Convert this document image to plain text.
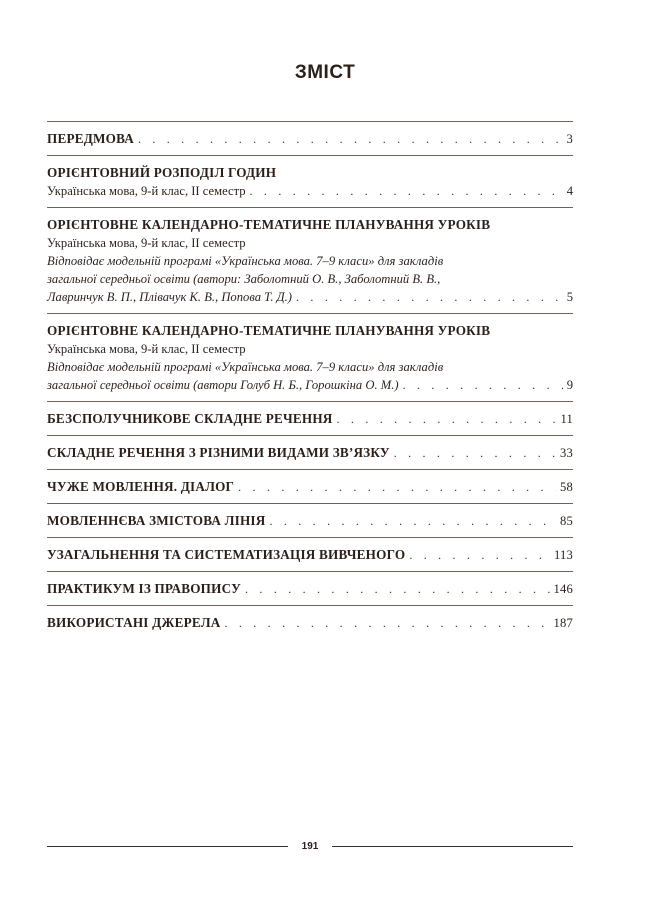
ЗМІСТ
ПЕРЕДМОВА . . .	3
ОРІЄНТОВНИЙ РОЗПОДІЛ ГОДИН
Українська мова, 9-й клас, ІІ семестр . . .	4
ОРІЄНТОВНЕ КАЛЕНДАРНО-ТЕМАТИЧНЕ ПЛАНУВАННЯ УРОКІВ
Українська мова, 9-й клас, ІІ семестр
Відповідає модельній програмі «Українська мова. 7–9 класи» для закладів
загальної середньої освіти (автори: Заболотний О. В., Заболотний В. В.,
Лавринчук В. П., Плівачук К. В., Попова Т. Д.) . . .	5
ОРІЄНТОВНЕ КАЛЕНДАРНО-ТЕМАТИЧНЕ ПЛАНУВАННЯ УРОКІВ
Українська мова, 9-й клас, ІІ семестр
Відповідає модельній програмі «Українська мова. 7–9 класи» для закладів
загальної середньої освіти (автори Голуб Н. Б., Горошкіна О. М.) . . .	9
БЕЗСПОЛУЧНИКОВЕ СКЛАДНЕ РЕЧЕННЯ . . .	11
СКЛАДНЕ РЕЧЕННЯ З РІЗНИМИ ВИДАМИ ЗВ’ЯЗКУ . . .	33
ЧУЖЕ МОВЛЕННЯ. ДІАЛОГ . . .	58
МОВЛЕННЄВА ЗМІСТОВА ЛІНІЯ . . .	85
УЗАГАЛЬНЕННЯ ТА СИСТЕМАТИЗАЦІЯ ВИВЧЕНОГО . . .	113
ПРАКТИКУМ ІЗ ПРАВОПИСУ . . .	146
ВИКОРИСТАНІ ДЖЕРЕЛА . . .	187
191
